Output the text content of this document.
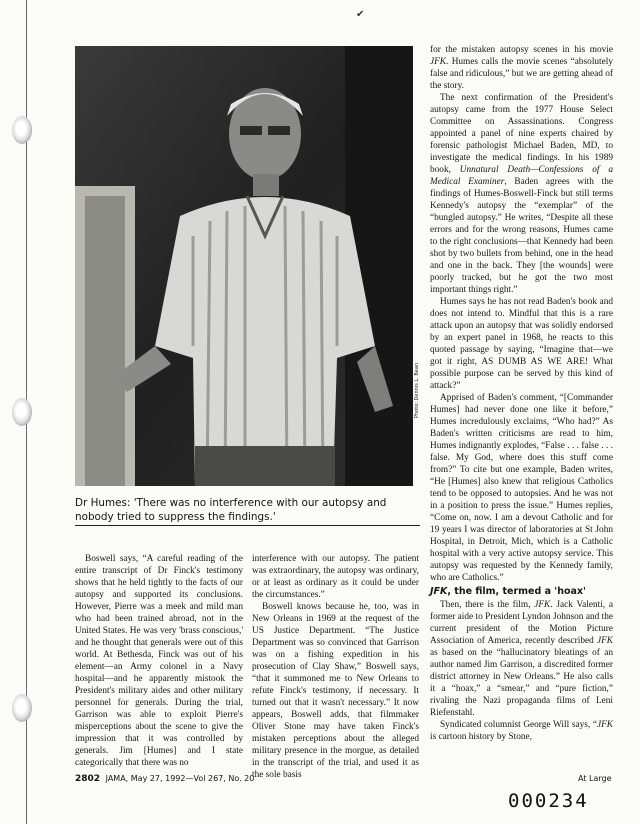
✔
Photo: Dennis L. Bean

Dr Humes: 'There was no interference with our autopsy and nobody tried to suppress the findings.'

Boswell says, “A careful reading of the entire transcript of Dr Finck's testimony shows that he held tightly to the facts of our autopsy and supported its conclusions. However, Pierre was a meek and mild man who had been trained abroad, not in the United States. He was very 'brass conscious,' and he thought that generals were out of this world. At Bethesda, Finck was out of his element—an Army colonel in a Navy hospital—and he apparently mistook the President's military aides and other military personnel for generals. During the trial, Garrison was able to exploit Pierre's misperceptions about the scene to give the impression that it was controlled by generals. Jim [Humes] and I state categorically that there was no

interference with our autopsy. The patient was extraordinary, the autopsy was ordinary, or at least as ordinary as it could be under the circumstances.”

Boswell knows because he, too, was in New Orleans in 1969 at the request of the US Justice Department. “The Justice Department was so convinced that Garrison was on a fishing expedition in his prosecution of Clay Shaw,” Boswell says, “that it summoned me to New Orleans to refute Finck's testimony, if necessary. It turned out that it wasn't necessary.” It now appears, Boswell adds, that filmmaker Oliver Stone may have taken Finck's mistaken perceptions about the alleged military presence in the morgue, as detailed in the transcript of the trial, and used it as the sole basis

for the mistaken autopsy scenes in his movie JFK. Humes calls the movie scenes “absolutely false and ridiculous,” but we are getting ahead of the story.

The next confirmation of the President's autopsy came from the 1977 House Select Committee on Assassinations. Congress appointed a panel of nine experts chaired by forensic pathologist Michael Baden, MD, to investigate the medical findings. In his 1989 book, Unnatural Death—Confessions of a Medical Examiner, Baden agrees with the findings of Humes-Boswell-Finck but still terms Kennedy's autopsy the “exemplar” of the “bungled autopsy.” He writes, “Despite all these errors and for the wrong reasons, Humes came to the right conclusions—that Kennedy had been shot by two bullets from behind, one in the head and one in the back. They [the wounds] were poorly tracked, but he got the two most important things right.”

Humes says he has not read Baden's book and does not intend to. Mindful that this is a rare attack upon an autopsy that was solidly endorsed by an expert panel in 1968, he reacts to this quoted passage by saying, “Imagine that—we got it right, AS DUMB AS WE ARE! What possible purpose can be served by this kind of attack?”

Apprised of Baden's comment, “[Commander Humes] had never done one like it before,” Humes incredulously exclaims, “Who had?” As Baden's written criticisms are read to him, Humes indignantly explodes, “False . . . false . . . false. My God, where does this stuff come from?” To cite but one example, Baden writes, “He [Humes] also knew that religious Catholics tend to be opposed to autopsies. And he was not in a position to press the issue.” Humes replies, “Come on, now. I am a devout Catholic and for 19 years I was director of laboratories at St John Hospital, in Detroit, Mich, which is a Catholic hospital with a very active autopsy service. This autopsy was requested by the Kennedy family, who are Catholics.”

JFK, the film, termed a 'hoax'

Then, there is the film, JFK. Jack Valenti, a former aide to President Lyndon Johnson and the current president of the Motion Picture Association of America, recently described JFK as based on the “hallucinatory bleatings of an author named Jim Garrison, a discredited former district attorney in New Orleans.” He also calls it a “hoax,” a “smear,” and “pure fiction,” rivaling the Nazi propaganda films of Leni Riefenstahl.

Syndicated columnist George Will says, “JFK is cartoon history by Stone,

2802 JAMA, May 27, 1992—Vol 267, No. 20	At Large
000234
